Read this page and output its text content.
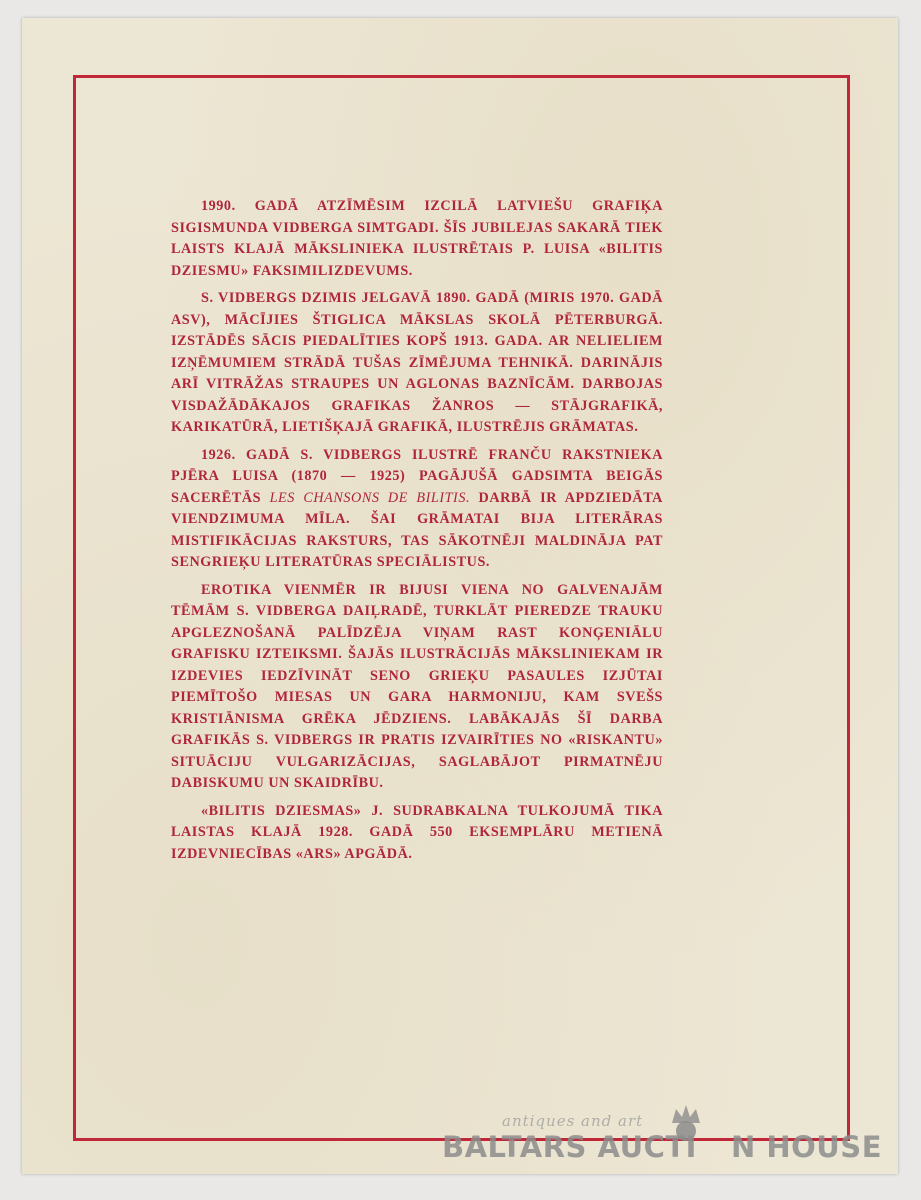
1990. GADĀ ATZĪMĒSIM IZCILĀ LATVIEŠU GRAFIĶA SIGISMUNDA VIDBERGA SIMTGADI. ŠĪS JUBILEJAS SAKARĀ TIEK LAISTS KLAJĀ MĀKSLINIEKA ILUSTRĒTAIS P. LUISA «BILITIS DZIESMU» FAKSIMILIZDEVUMS.

S. VIDBERGS DZIMIS JELGAVĀ 1890. GADĀ (MIRIS 1970. GADĀ ASV), MĀCĪJIES ŠTIGLICA MĀKSLAS SKOLĀ PĒTERBURGĀ. IZSTĀDĒS SĀCIS PIEDALĪTIES KOPŠ 1913. GADA. AR NELIELIEM IZŅĒMUMIEM STRĀDĀ TUŠAS ZĪMĒJUMA TEHNIKĀ. DARINĀJIS ARĪ VITRĀŽAS STRAUPES UN AGLONAS BAZNĪCĀM. DARBOJAS VISDAŽĀDĀKAJOS GRAFIKAS ŽANROS — STĀJGRAFIKĀ, KARIKATŪRĀ, LIETIŠĶAJĀ GRAFIKĀ, ILUSTRĒJIS GRĀMATAS.

1926. GADĀ S. VIDBERGS ILUSTRĒ FRANČU RAKSTNIEKA PJĒRA LUISA (1870 — 1925) PAGĀJUŠĀ GADSIMTA BEIGĀS SACERĒTĀS LES CHANSONS DE BILITIS. DARBĀ IR APDZIEDĀTA VIENDZIMUMA MĪLA. ŠAI GRĀMATAI BIJA LITERĀRAS MISTIFIKĀCIJAS RAKSTURS, TAS SĀKOTNĒJI MALDINĀJA PAT SENGRIEĶU LITERATŪRAS SPECIĀLISTUS.

EROTIKA VIENMĒR IR BIJUSI VIENA NO GALVENAJĀM TĒMĀM S. VIDBERGA DAIĻRADĒ, TURKLĀT PIEREDZE TRAUKU APGLEZNOŠANĀ PALĪDZĒJA VIŅAM RAST KONĢENIĀLU GRAFISKU IZTEIKSMI. ŠAJĀS ILUSTRĀCIJĀS MĀKSLINIEKAM IR IZDEVIES IEDZĪVINĀT SENO GRIEĶU PASAULES IZJŪTAI PIEMĪTOŠO MIESAS UN GARA HARMONIJU, KAM SVEŠS KRISTIĀNISMA GRĒKA JĒDZIENS. LABĀKAJĀS ŠĪ DARBA GRAFIKĀS S. VIDBERGS IR PRATIS IZVAIRĪTIES NO «RISKANTU» SITUĀCIJU VULGARIZĀCIJAS, SAGLABĀJOT PIRMATNĒJU DABISKUMU UN SKAIDRĪBU.

«BILITIS DZIESMAS» J. SUDRABKALNA TULKOJUMĀ TIKA LAISTAS KLAJĀ 1928. GADĀ 550 EKSEMPLĀRU METIENĀ IZDEVNIECĪBAS «ARS» APGĀDĀ.

antiques and art
BALTARS AUCTI N HOUSE
